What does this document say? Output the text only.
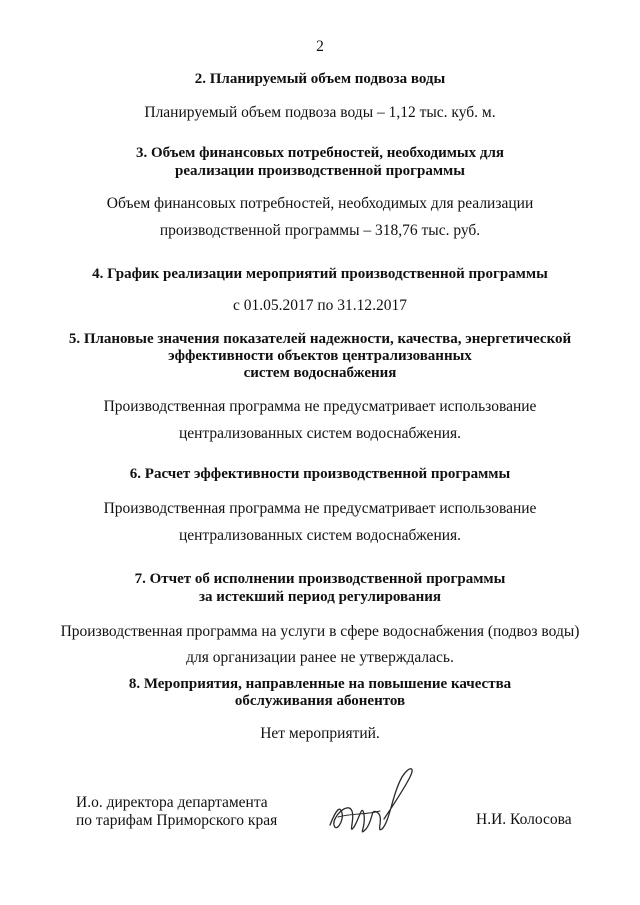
2
2. Планируемый объем подвоза воды
Планируемый объем подвоза воды – 1,12 тыс. куб. м.
3. Объем финансовых потребностей, необходимых для
реализации производственной программы
Объем финансовых потребностей, необходимых для реализации
производственной программы – 318,76 тыс. руб.
4. График реализации мероприятий производственной программы
с 01.05.2017 по 31.12.2017
5. Плановые значения показателей надежности, качества, энергетической
эффективности объектов централизованных
систем водоснабжения
Производственная программа не предусматривает использование
централизованных систем водоснабжения.
6. Расчет эффективности производственной программы
Производственная программа не предусматривает использование
централизованных систем водоснабжения.
7. Отчет об исполнении производственной программы
за истекший период регулирования
Производственная программа на услуги в сфере водоснабжения (подвоз воды)
для организации ранее не утверждалась.
8. Мероприятия, направленные на повышение качества
обслуживания абонентов
Нет мероприятий.
И.о. директора департамента
по тарифам Приморского края	Н.И. Колосова
